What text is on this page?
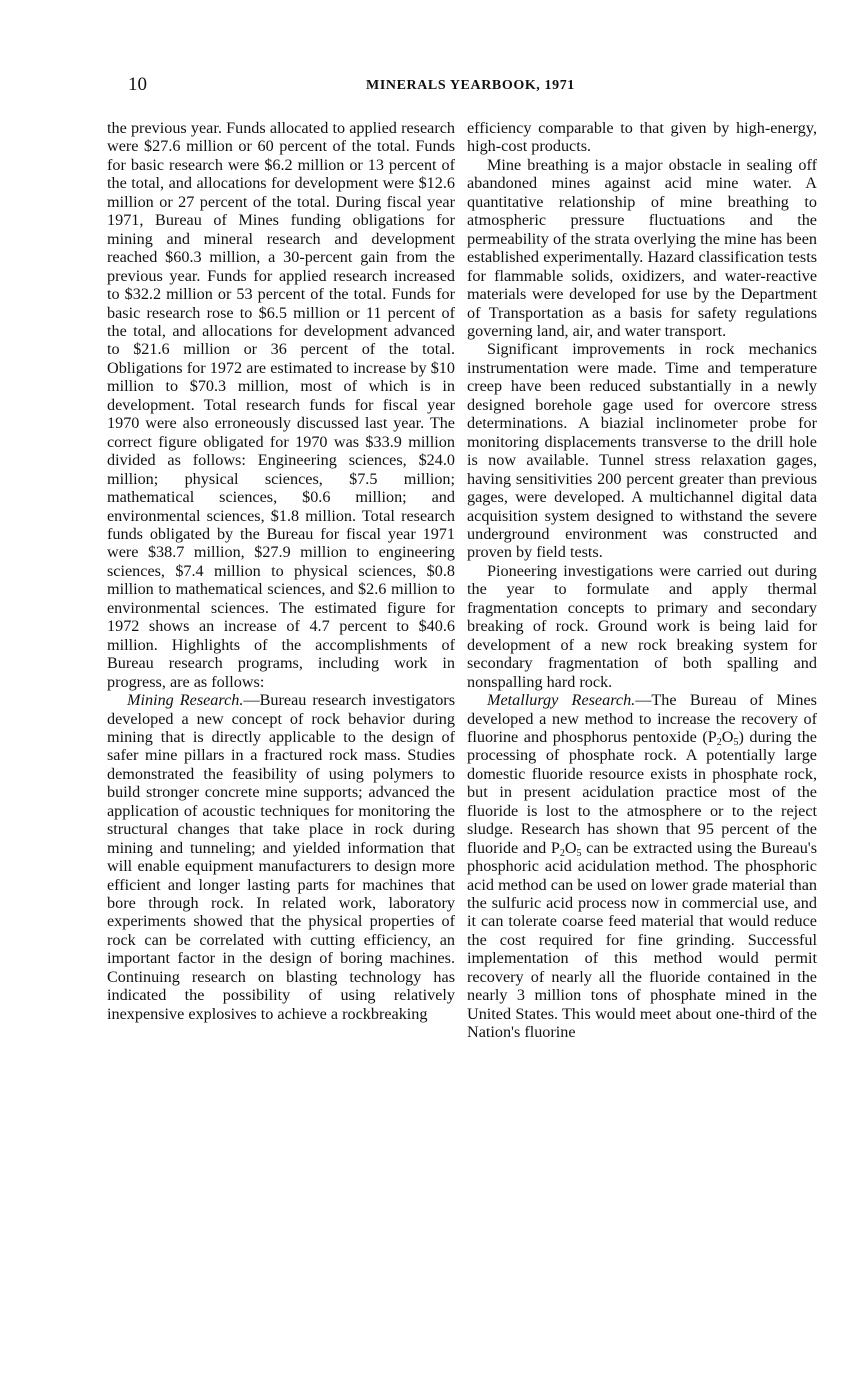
10	MINERALS YEARBOOK, 1971

the previous year. Funds allocated to applied research were $27.6 million or 60 percent of the total. Funds for basic research were $6.2 million or 13 percent of the total, and allocations for development were $12.6 million or 27 percent of the total. During fiscal year 1971, Bureau of Mines funding obligations for mining and mineral research and development reached $60.3 million, a 30-percent gain from the previous year. Funds for applied research increased to $32.2 million or 53 percent of the total. Funds for basic research rose to $6.5 million or 11 percent of the total, and allocations for development advanced to $21.6 million or 36 percent of the total. Obligations for 1972 are estimated to increase by $10 million to $70.3 million, most of which is in development. Total research funds for fiscal year 1970 were also erroneously discussed last year. The correct figure obligated for 1970 was $33.9 million divided as follows: Engineering sciences, $24.0 million; physical sciences, $7.5 million; mathematical sciences, $0.6 million; and environmental sciences, $1.8 million. Total research funds obligated by the Bureau for fiscal year 1971 were $38.7 million, $27.9 million to engineering sciences, $7.4 million to physical sciences, $0.8 million to mathematical sciences, and $2.6 million to environmental sciences. The estimated figure for 1972 shows an increase of 4.7 percent to $40.6 million. Highlights of the accomplishments of Bureau research programs, including work in progress, are as follows:

Mining Research.—Bureau research investigators developed a new concept of rock behavior during mining that is directly applicable to the design of safer mine pillars in a fractured rock mass. Studies demonstrated the feasibility of using polymers to build stronger concrete mine supports; advanced the application of acoustic techniques for monitoring the structural changes that take place in rock during mining and tunneling; and yielded information that will enable equipment manufacturers to design more efficient and longer lasting parts for machines that bore through rock. In related work, laboratory experiments showed that the physical properties of rock can be correlated with cutting efficiency, an important factor in the design of boring machines. Continuing research on blasting technology has indicated the possibility of using relatively inexpensive explosives to achieve a rockbreaking

efficiency comparable to that given by high-energy, high-cost products.

Mine breathing is a major obstacle in sealing off abandoned mines against acid mine water. A quantitative relationship of mine breathing to atmospheric pressure fluctuations and the permeability of the strata overlying the mine has been established experimentally. Hazard classification tests for flammable solids, oxidizers, and water-reactive materials were developed for use by the Department of Transportation as a basis for safety regulations governing land, air, and water transport.

Significant improvements in rock mechanics instrumentation were made. Time and temperature creep have been reduced substantially in a newly designed borehole gage used for overcore stress determinations. A biazial inclinometer probe for monitoring displacements transverse to the drill hole is now available. Tunnel stress relaxation gages, having sensitivities 200 percent greater than previous gages, were developed. A multichannel digital data acquisition system designed to withstand the severe underground environment was constructed and proven by field tests.

Pioneering investigations were carried out during the year to formulate and apply thermal fragmentation concepts to primary and secondary breaking of rock. Ground work is being laid for development of a new rock breaking system for secondary fragmentation of both spalling and nonspalling hard rock.

Metallurgy Research.—The Bureau of Mines developed a new method to increase the recovery of fluorine and phosphorus pentoxide $(P_2O_5)$ during the processing of phosphate rock. A potentially large domestic fluoride resource exists in phosphate rock, but in present acidulation practice most of the fluoride is lost to the atmosphere or to the reject sludge. Research has shown that 95 percent of the fluoride and $P_2O_5$ can be extracted using the Bureau's phosphoric acid acidulation method. The phosphoric acid method can be used on lower grade material than the sulfuric acid process now in commercial use, and it can tolerate coarse feed material that would reduce the cost required for fine grinding. Successful implementation of this method would permit recovery of nearly all the fluoride contained in the nearly 3 million tons of phosphate mined in the United States. This would meet about one-third of the Nation's fluorine
